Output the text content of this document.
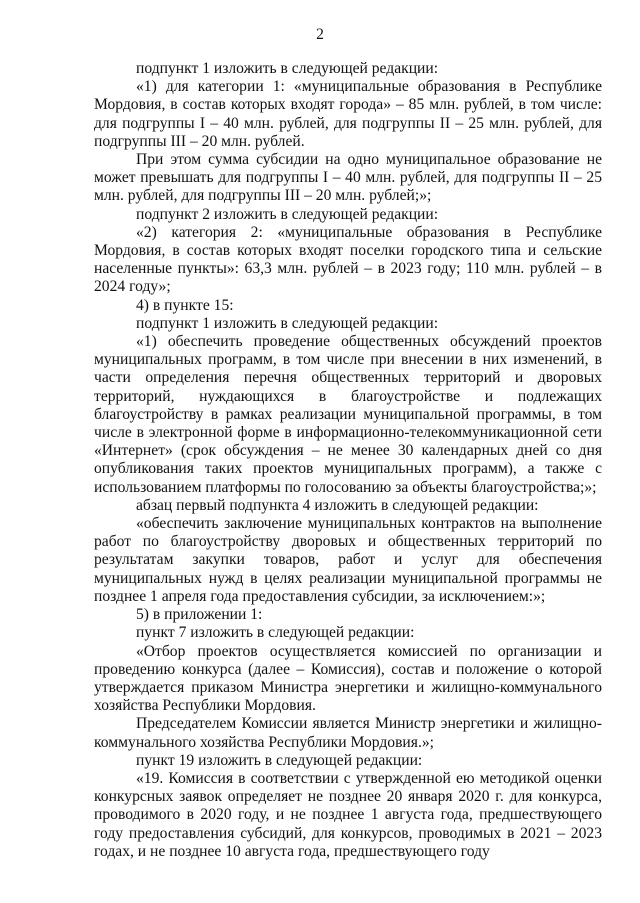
2

подпункт 1 изложить в следующей редакции:

«1) для категории 1: «муниципальные образования в Республике Мордовия, в состав которых входят города» – 85 млн. рублей, в том числе: для подгруппы I – 40 млн. рублей, для подгруппы II – 25 млн. рублей, для подгруппы III – 20 млн. рублей.

При этом сумма субсидии на одно муниципальное образование не может превышать для подгруппы I – 40 млн. рублей, для подгруппы II – 25 млн. рублей, для подгруппы III – 20 млн. рублей;»;

подпункт 2 изложить в следующей редакции:

«2) категория 2: «муниципальные образования в Республике Мордовия, в состав которых входят поселки городского типа и сельские населенные пункты»: 63,3 млн. рублей – в 2023 году; 110 млн. рублей – в 2024 году»;

4) в пункте 15:

подпункт 1 изложить в следующей редакции:

«1) обеспечить проведение общественных обсуждений проектов муниципальных программ, в том числе при внесении в них изменений, в части определения перечня общественных территорий и дворовых территорий, нуждающихся в благоустройстве и подлежащих благоустройству в рамках реализации муниципальной программы, в том числе в электронной форме в информационно-телекоммуникационной сети «Интернет» (срок обсуждения – не менее 30 календарных дней со дня опубликования таких проектов муниципальных программ), а также с использованием платформы по голосованию за объекты благоустройства;»;

абзац первый подпункта 4 изложить в следующей редакции:

«обеспечить заключение муниципальных контрактов на выполнение работ по благоустройству дворовых и общественных территорий по результатам закупки товаров, работ и услуг для обеспечения муниципальных нужд в целях реализации муниципальной программы не позднее 1 апреля года предоставления субсидии, за исключением:»;

5) в приложении 1:

пункт 7 изложить в следующей редакции:

«Отбор проектов осуществляется комиссией по организации и проведению конкурса (далее – Комиссия), состав и положение о которой утверждается приказом Министра энергетики и жилищно-коммунального хозяйства Республики Мордовия.

Председателем Комиссии является Министр энергетики и жилищно-коммунального хозяйства Республики Мордовия.»;

пункт 19 изложить в следующей редакции:

«19. Комиссия в соответствии с утвержденной ею методикой оценки конкурсных заявок определяет не позднее 20 января 2020 г. для конкурса, проводимого в 2020 году, и не позднее 1 августа года, предшествующего году предоставления субсидий, для конкурсов, проводимых в 2021 – 2023 годах, и не позднее 10 августа года, предшествующего году
